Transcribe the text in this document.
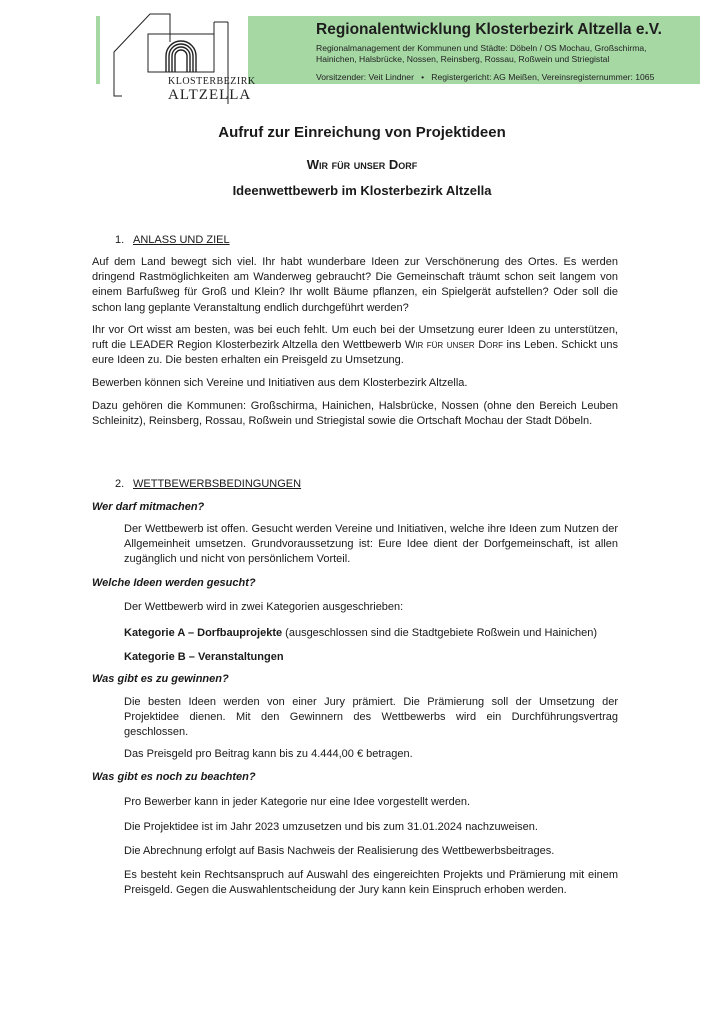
KLOSTERBEZIRK
ALTZELLA
Regionalentwicklung Klosterbezirk Altzella e.V.
Regionalmanagement der Kommunen und Städte: Döbeln / OS Mochau, Großschirma,
Hainichen, Halsbrücke, Nossen, Reinsberg, Rossau, Roßwein und Striegistal
Vorsitzender: Veit Lindner • Registergericht: AG Meißen, Vereinsregisternummer: 1065
Aufruf zur Einreichung von Projektideen
Wir für unser Dorf
Ideenwettbewerb im Klosterbezirk Altzella
1. ANLASS UND ZIEL
Auf dem Land bewegt sich viel. Ihr habt wunderbare Ideen zur Verschönerung des Ortes. Es werden dringend Rastmöglichkeiten am Wanderweg gebraucht? Die Gemeinschaft träumt schon seit langem von einem Barfußweg für Groß und Klein? Ihr wollt Bäume pflanzen, ein Spielgerät aufstellen? Oder soll die schon lang geplante Veranstaltung endlich durchgeführt werden?
Ihr vor Ort wisst am besten, was bei euch fehlt. Um euch bei der Umsetzung eurer Ideen zu unterstützen, ruft die LEADER Region Klosterbezirk Altzella den Wettbewerb Wir für unser Dorf ins Leben. Schickt uns eure Ideen zu. Die besten erhalten ein Preisgeld zu Umsetzung.
Bewerben können sich Vereine und Initiativen aus dem Klosterbezirk Altzella.
Dazu gehören die Kommunen: Großschirma, Hainichen, Halsbrücke, Nossen (ohne den Bereich Leuben Schleinitz), Reinsberg, Rossau, Roßwein und Striegistal sowie die Ortschaft Mochau der Stadt Döbeln.
2. WETTBEWERBSBEDINGUNGEN
Wer darf mitmachen?
Der Wettbewerb ist offen. Gesucht werden Vereine und Initiativen, welche ihre Ideen zum Nutzen der Allgemeinheit umsetzen. Grundvoraussetzung ist: Eure Idee dient der Dorfgemeinschaft, ist allen zugänglich und nicht von persönlichem Vorteil.
Welche Ideen werden gesucht?
Der Wettbewerb wird in zwei Kategorien ausgeschrieben:
Kategorie A – Dorfbauprojekte (ausgeschlossen sind die Stadtgebiete Roßwein und Hainichen)
Kategorie B – Veranstaltungen
Was gibt es zu gewinnen?
Die besten Ideen werden von einer Jury prämiert. Die Prämierung soll der Umsetzung der Projektidee dienen. Mit den Gewinnern des Wettbewerbs wird ein Durchführungsvertrag geschlossen.
Das Preisgeld pro Beitrag kann bis zu 4.444,00 € betragen.
Was gibt es noch zu beachten?
Pro Bewerber kann in jeder Kategorie nur eine Idee vorgestellt werden.
Die Projektidee ist im Jahr 2023 umzusetzen und bis zum 31.01.2024 nachzuweisen.
Die Abrechnung erfolgt auf Basis Nachweis der Realisierung des Wettbewerbsbeitrages.
Es besteht kein Rechtsanspruch auf Auswahl des eingereichten Projekts und Prämierung mit einem Preisgeld. Gegen die Auswahlentscheidung der Jury kann kein Einspruch erhoben werden.
